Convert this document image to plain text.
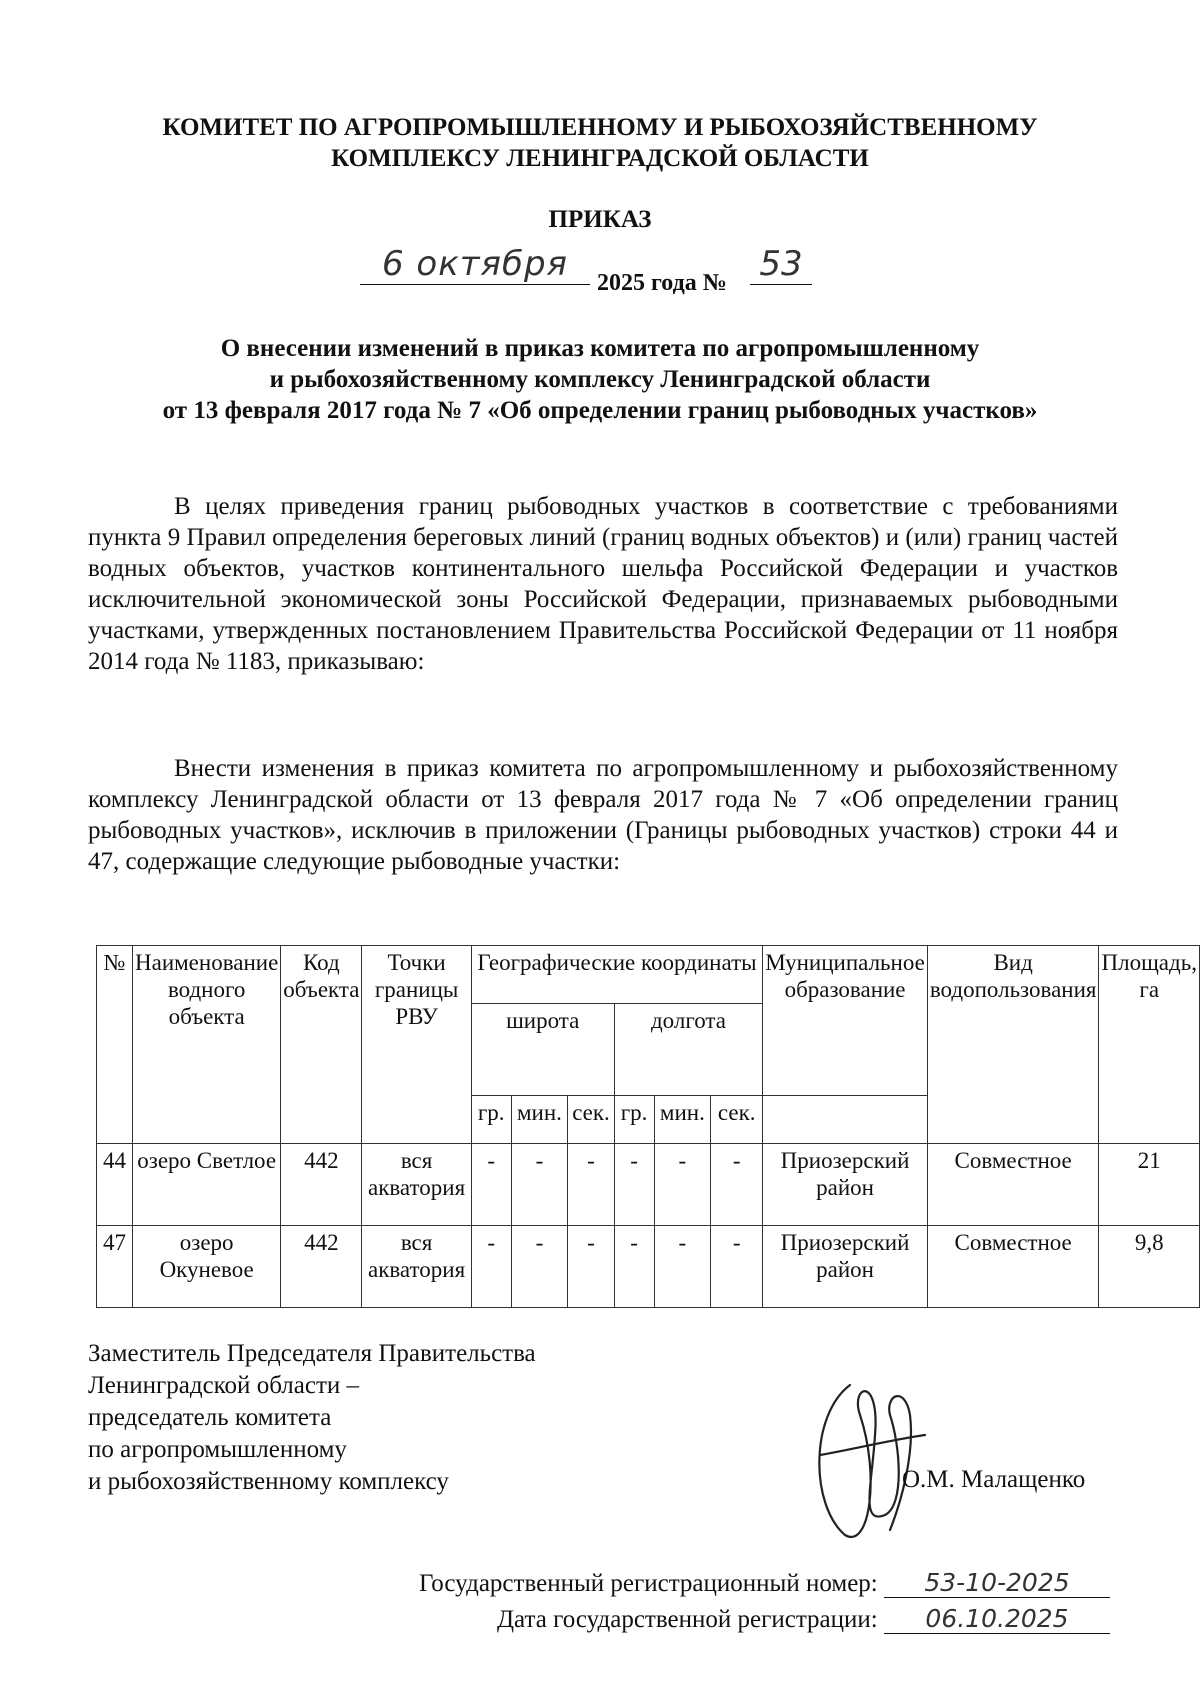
КОМИТЕТ ПО АГРОПРОМЫШЛЕННОМУ И РЫБОХОЗЯЙСТВЕННОМУ
КОМПЛЕКСУ ЛЕНИНГРАДСКОЙ ОБЛАСТИ
ПРИКАЗ
6 октября	2025 года № 53
О внесении изменений в приказ комитета по агропромышленному
и рыбохозяйственному комплексу Ленинградской области
от 13 февраля 2017 года № 7 «Об определении границ рыбоводных участков»
В целях приведения границ рыбоводных участков в соответствие с требованиями пункта 9 Правил определения береговых линий (границ водных объектов) и (или) границ частей водных объектов, участков континентального шельфа Российской Федерации и участков исключительной экономической зоны Российской Федерации, признаваемых рыбоводными участками, утвержденных постановлением Правительства Российской Федерации от 11 ноября 2014 года № 1183, приказываю:
Внести изменения в приказ комитета по агропромышленному и рыбохозяйственному комплексу Ленинградской области от 13 февраля 2017 года № 7 «Об определении границ рыбоводных участков», исключив в приложении (Границы рыбоводных участков) строки 44 и 47, содержащие следующие рыбоводные участки:
№	Наименование водного объекта	Код объекта	Точки границы РВУ	Географические координаты						Муниципальное образование	Вид водопользования	Площадь, га
				широта			долгота					
				гр.	мин.	сек.	гр.	мин.	сек.			
44	озеро Светлое	442	вся акватория	-	-	-	-	-	-	Приозерский район	Совместное	21
47	озеро Окуневое	442	вся акватория	-	-	-	-	-	-	Приозерский район	Совместное	9,8
Заместитель Председателя Правительства
Ленинградской области –
председатель комитета
по агропромышленному
и рыбохозяйственному комплексу	О.М. Малащенко
Государственный регистрационный номер: 53-10-2025
Дата государственной регистрации: 06.10.2025
